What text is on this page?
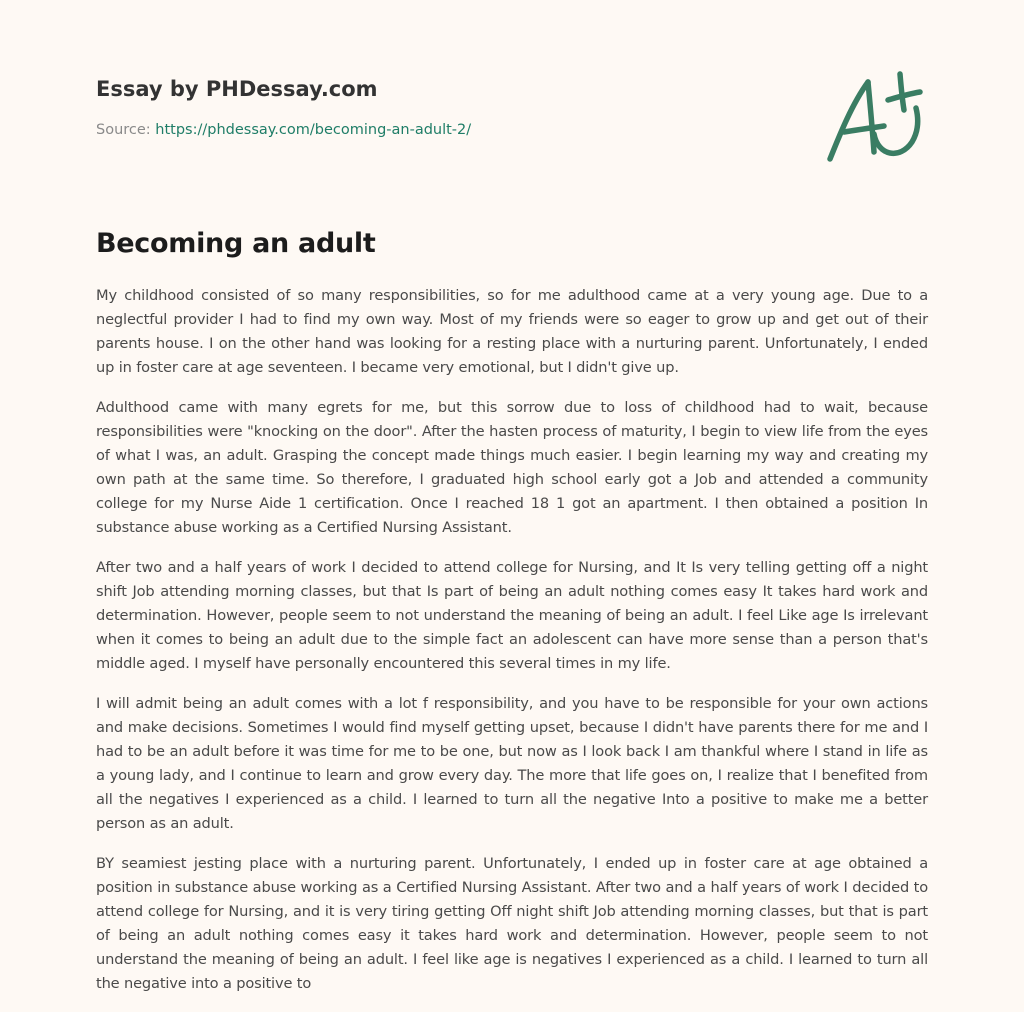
Essay by PHDessay.com
Source: https://phdessay.com/becoming-an-adult-2/
Becoming an adult

My childhood consisted of so many responsibilities, so for me adulthood came at a very young age. Due to a neglectful provider I had to find my own way. Most of my friends were so eager to grow up and get out of their parents house. I on the other hand was looking for a resting place with a nurturing parent. Unfortunately, I ended up in foster care at age seventeen. I became very emotional, but I didn't give up.

Adulthood came with many egrets for me, but this sorrow due to loss of childhood had to wait, because responsibilities were "knocking on the door". After the hasten process of maturity, I begin to view life from the eyes of what I was, an adult. Grasping the concept made things much easier. I begin learning my way and creating my own path at the same time. So therefore, I graduated high school early got a Job and attended a community college for my Nurse Aide 1 certification. Once I reached 18 1 got an apartment. I then obtained a position In substance abuse working as a Certified Nursing Assistant.

After two and a half years of work I decided to attend college for Nursing, and It Is very telling getting off a night shift Job attending morning classes, but that Is part of being an adult nothing comes easy It takes hard work and determination. However, people seem to not understand the meaning of being an adult. I feel Like age Is irrelevant when it comes to being an adult due to the simple fact an adolescent can have more sense than a person that's middle aged. I myself have personally encountered this several times in my life.

I will admit being an adult comes with a lot f responsibility, and you have to be responsible for your own actions and make decisions. Sometimes I would find myself getting upset, because I didn't have parents there for me and I had to be an adult before it was time for me to be one, but now as I look back I am thankful where I stand in life as a young lady, and I continue to learn and grow every day. The more that life goes on, I realize that I benefited from all the negatives I experienced as a child. I learned to turn all the negative Into a positive to make me a better person as an adult.

BY seamiest jesting place with a nurturing parent. Unfortunately, I ended up in foster care at age obtained a position in substance abuse working as a Certified Nursing Assistant. After two and a half years of work I decided to attend college for Nursing, and it is very tiring getting Off night shift Job attending morning classes, but that is part of being an adult nothing comes easy it takes hard work and determination. However, people seem to not understand the meaning of being an adult. I feel like age is negatives I experienced as a child. I learned to turn all the negative into a positive to
